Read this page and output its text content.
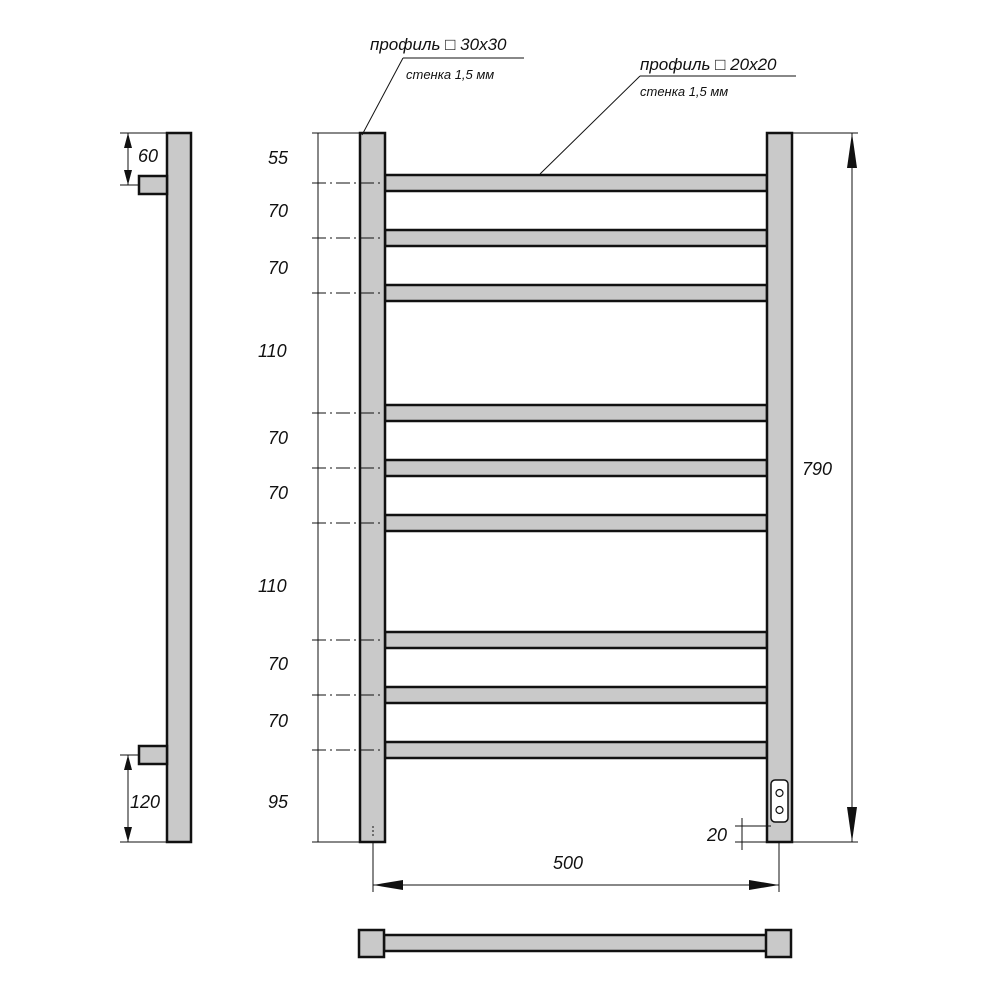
60
120
55
70
70
110
70
70
110
70
70
95
790
20
500
профиль □ 30х30
стенка 1,5 мм
профиль □ 20х20
стенка 1,5 мм
